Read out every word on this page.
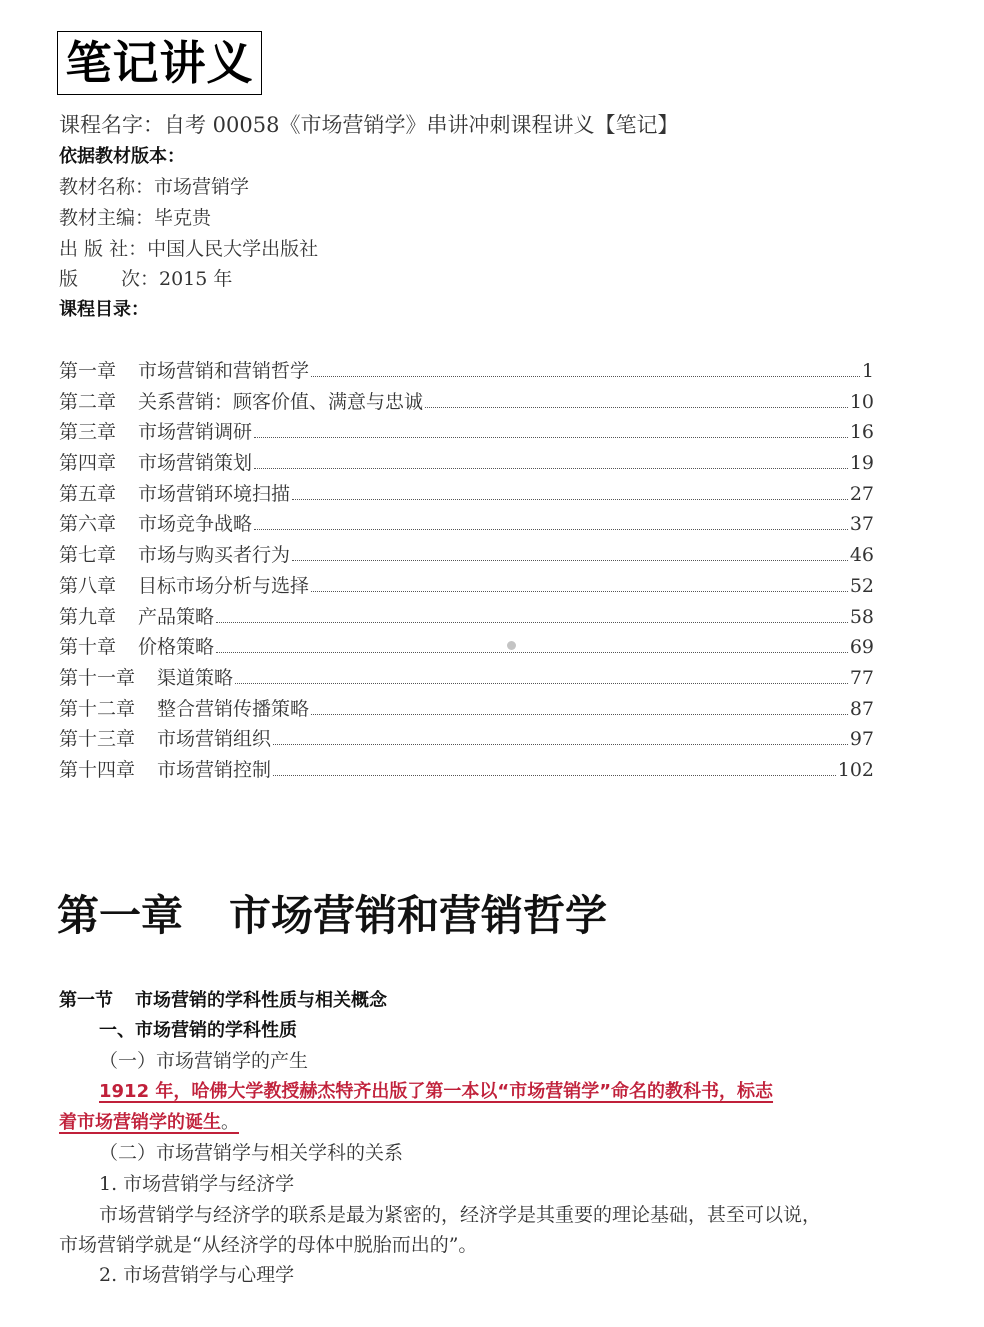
笔记讲义
课程名字：自考 00058《市场营销学》串讲冲刺课程讲义【笔记】
依据教材版本：
教材名称：市场营销学
教材主编：毕克贵
出 版 社：中国人民大学出版社
版 次：2015 年
课程目录：
第一章 市场营销和营销哲学	1
第二章 关系营销：顾客价值、满意与忠诚	10
第三章 市场营销调研	16
第四章 市场营销策划	19
第五章 市场营销环境扫描	27
第六章 市场竞争战略	37
第七章 市场与购买者行为	46
第八章 目标市场分析与选择	52
第九章 产品策略	58
第十章 价格策略	69
第十一章 渠道策略	77
第十二章 整合营销传播策略	87
第十三章 市场营销组织	97
第十四章 市场营销控制	102
第一章 市场营销和营销哲学
第一节 市场营销的学科性质与相关概念
一、市场营销的学科性质
（一）市场营销学的产生
1912 年，哈佛大学教授赫杰特齐出版了第一本以“市场营销学”命名的教科书，标志
着市场营销学的诞生。
（二）市场营销学与相关学科的关系
1. 市场营销学与经济学
市场营销学与经济学的联系是最为紧密的，经济学是其重要的理论基础，甚至可以说，
市场营销学就是“从经济学的母体中脱胎而出的”。
2. 市场营销学与心理学
